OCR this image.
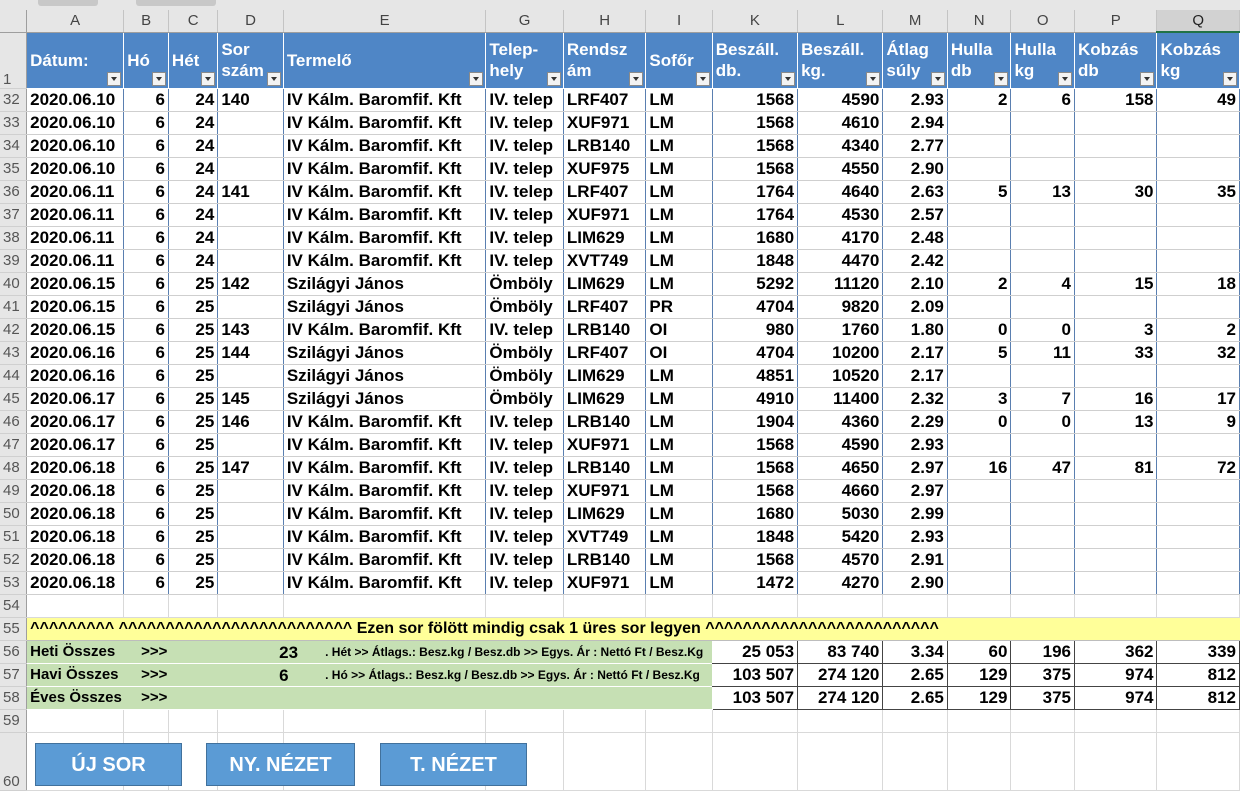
	A	B	C	D	E	G	H	I	K	L	M	N	O	P	Q
1	Dátum:	Hó	Hét	Sor szám	Termelő	Telep-hely	Rendsz ám	Sofőr	Beszáll. db.	Beszáll. kg.	Átlag súly	Hulla db	Hulla kg	Kobzás db	Kobzás kg

32	2020.06.10	6	24	140	IV Kálm. Baromfif. Kft	IV. telep	LRF407	LM	1568	4590	2.93	2	6	158	49
33	2020.06.10	6	24		IV Kálm. Baromfif. Kft	IV. telep	XUF971	LM	1568	4610	2.94				
34	2020.06.10	6	24		IV Kálm. Baromfif. Kft	IV. telep	LRB140	LM	1568	4340	2.77				
35	2020.06.10	6	24		IV Kálm. Baromfif. Kft	IV. telep	XUF975	LM	1568	4550	2.90				
36	2020.06.11	6	24	141	IV Kálm. Baromfif. Kft	IV. telep	LRF407	LM	1764	4640	2.63	5	13	30	35
37	2020.06.11	6	24		IV Kálm. Baromfif. Kft	IV. telep	XUF971	LM	1764	4530	2.57				
38	2020.06.11	6	24		IV Kálm. Baromfif. Kft	IV. telep	LIM629	LM	1680	4170	2.48				
39	2020.06.11	6	24		IV Kálm. Baromfif. Kft	IV. telep	XVT749	LM	1848	4470	2.42				
40	2020.06.15	6	25	142	Szilágyi János	Ömböly	LIM629	LM	5292	11120	2.10	2	4	15	18
41	2020.06.15	6	25		Szilágyi János	Ömböly	LRF407	PR	4704	9820	2.09				
42	2020.06.15	6	25	143	IV Kálm. Baromfif. Kft	IV. telep	LRB140	OI	980	1760	1.80	0	0	3	2
43	2020.06.16	6	25	144	Szilágyi János	Ömböly	LRF407	OI	4704	10200	2.17	5	11	33	32
44	2020.06.16	6	25		Szilágyi János	Ömböly	LIM629	LM	4851	10520	2.17				
45	2020.06.17	6	25	145	Szilágyi János	Ömböly	LIM629	LM	4910	11400	2.32	3	7	16	17
46	2020.06.17	6	25	146	IV Kálm. Baromfif. Kft	IV. telep	LRB140	LM	1904	4360	2.29	0	0	13	9
47	2020.06.17	6	25		IV Kálm. Baromfif. Kft	IV. telep	XUF971	LM	1568	4590	2.93				
48	2020.06.18	6	25	147	IV Kálm. Baromfif. Kft	IV. telep	LRB140	LM	1568	4650	2.97	16	47	81	72
49	2020.06.18	6	25		IV Kálm. Baromfif. Kft	IV. telep	XUF971	LM	1568	4660	2.97				
50	2020.06.18	6	25		IV Kálm. Baromfif. Kft	IV. telep	LIM629	LM	1680	5030	2.99				
51	2020.06.18	6	25		IV Kálm. Baromfif. Kft	IV. telep	XVT749	LM	1848	5420	2.93				
52	2020.06.18	6	25		IV Kálm. Baromfif. Kft	IV. telep	LRB140	LM	1568	4570	2.91				
53	2020.06.18	6	25		IV Kálm. Baromfif. Kft	IV. telep	XUF971	LM	1472	4270	2.90				
54															
55	^^^^^^^^^ ^^^^^^^^^^^^^^^^^^^^^^^^^ Ezen sor fölött mindig csak 1 üres sor legyen ^^^^^^^^^^^^^^^^^^^^^^^^^														
56	Heti Összes >>> 23 . Hét >> Átlags.: Besz.kg / Besz.db >> Egys. Ár : Nettó Ft / Besz.Kg								25 053	83 740	3.34	60	196	362	339
57	Havi Összes >>> 6 . Hó >> Átlags.: Besz.kg / Besz.db >> Egys. Ár : Nettó Ft / Besz.Kg								103 507	274 120	2.65	129	375	974	812
58	Éves Összes >>>								103 507	274 120	2.65	129	375	974	812
59															
60															
ÚJ SOR	NY. NÉZET	T. NÉZET
